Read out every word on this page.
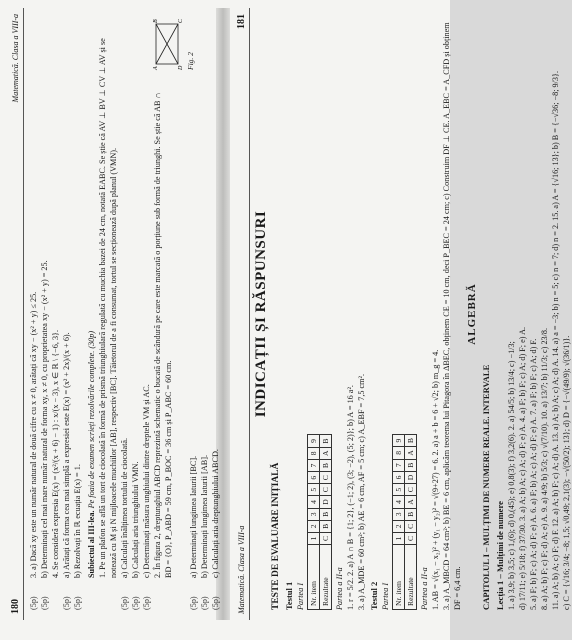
180
Matematică. Clasa a VIII-a
(5p)
3. a) Dacă xy este un număr natural de două cifre cu x ≠ 0, arătați că xy − (x² + y) ≤ 25.
(5p)
b) Determinați cel mai mare număr natural de forma xy, x ≠ 0, cu proprietatea xy − (x² + y) = 25. 4. Se consideră expresia E(x) = (x²/(x + 6) − 1) : x/(x − 3), x ∈ ℝ \ {−6, 3}.
(5p)
a) Arătați că forma cea mai simplă a expresiei este E(x) = (x² + 2x)/(x + 6).
(5p)
b) Rezolvați în ℝ ecuația E(x) = 1. Subiectul al III-lea. Pe foaia de examen scrieți rezolvările complete. (30p) 1. Pe un plafon se află un tort de ciocolată în formă de prismă triunghiulară regulată cu muchia bazei de 24 cm, notată EABC. Se știe că AV ⊥ BV ⊥ CV ⊥ AV și se notează cu M și N mijloacele muchiilor [AB], respectiv [BC]. Tăietorul de a fi consumat, tortul se secționează după planul (VMN).
(5p)
a) Calculați înălțimea tortului de ciocolată.
(5p)
b) Calculați aria triunghiului VMN.
(5p)
c) Determinați măsura unghiului dintre dreptele VM și AC. 2. În figura 2, dreptunghiul ABCD reprezintă schematic o bucată de scândură pe care este marcată o porțiune sub formă de triunghi. Se știe că AB ∩ BD = {O}, P_ABD = 59 cm, P_BOC = 36 cm și P_ABC = 60 cm.
A
B	C
D Fig. 2
(5p)
a) Determinați lungimea laturii [BC].
(5p)
b) Determinați lungimea laturii [AB].
(5p)
c) Calculați aria dreptunghiului ABCD. Matematică. Clasa a VIII-a
181
INDICAȚII ȘI RĂSPUNSURI
TESTE DE EVALUARE INIȚIALĂ Testul 1 Partea I Nr. item	1	2	3	4	5	6	7	8	9
Rezultate	C	B	B	D	C	C	B	A	B
Partea a II-a 1. r = 5/2. 2. a) A ∩ B = {1; 2}, (−1; 2), (3; −2), (5; 2)}; b) A = 16 a². 3. a) A_MDE = 60 cm²; b) AE = 6 cm, AF = 5 cm; c) A_EBF = 7,5 cm². Testul 2 Partea I Nr. item	1	2	3	4	5	6	7	8	9
Rezultate	C	C	B	A	C	D	B	A	B
Partea a II-a 1. AB = √(x₁ − x₂)² + (y₁ − y₂)² = √(9+27) = 6. 2. a) a + b = 6 + √2; b) m_g = 4. 3. a) A_MBCD = 64 cm²; b) BE = 6 cm, aplicăm teorema lui Pitagora în ΔBEC, obținem CE = 10 cm, deci P_BEC = 24 cm; c) Construim DF ⊥ CE. A_EBC = A_CFD și obținem DF = 6,4 cm.
ALGEBRĂ
CAPITOLUL I – MULȚIMI DE NUMERE REALE. INTERVALE Lecția 1 – Mulțimi de numere 1. a) 3,9; b) 3,5; c) 1,(6); d) 0,(45); e) 0,8(3); f) 3,2(6). 2. a) 54/5; b) 13/4; c) −1/3; d) 17/11; e) 5/18; f) 37/30. 3. a) A; b) A; c) A; d) F; e) A. 4. a) F; b) F; c) A; d) F; e) A. 5. a) F; b) F; c) A; d) F; e) A. 6. a) F; b) A; c) A; d) F; e) A. 7. a) F; b) F; c) A; d) F. 8. a) A; b) F; c) F; d) A; e) A. 9. a) 4/9; b) 5/3; c) √(7/10). 10. a) 13/7; b) 11/3; c) 23/8. 11. a) A; b) A; c) F; d) F. 12. a) A; b) F; c) A; d) A. 13. a) A; b) A; c) A; d) A. 14. a) a = −3; b) n = 5; c) n = 7; d) n = 2. 15. a) A = {√16; 13}; b) B = {−√36; −8; 9/3}. c) C = {√16; 3/4; −8; 1,5; √0,49; 2,1(3); −√(50/2); 13}; d) D = {−√(49/9); √(36/1)}.
